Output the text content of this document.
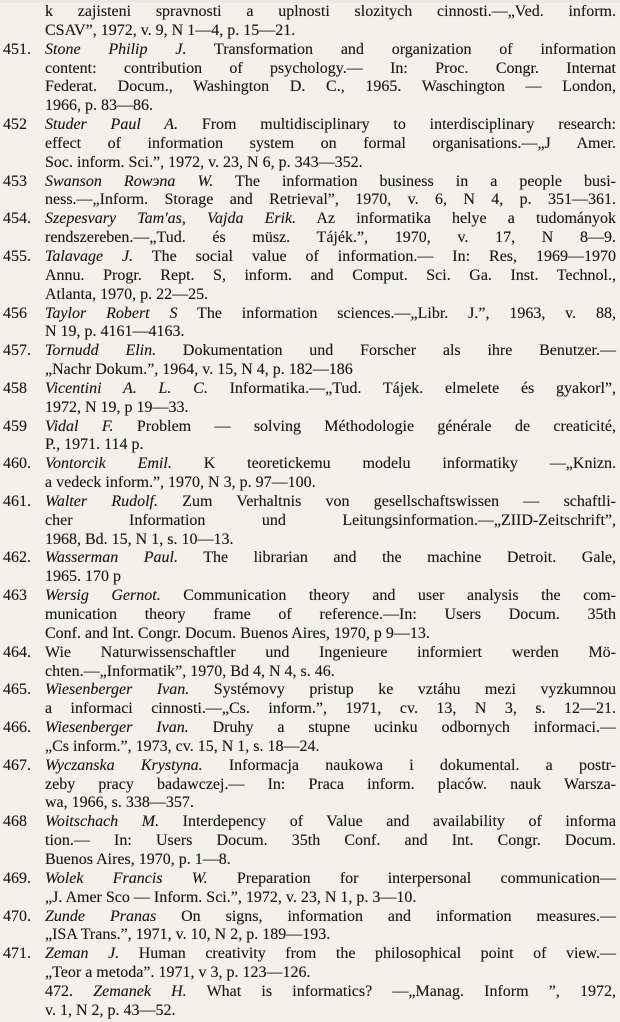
k zajisteni spravnosti a uplnosti slozitych cinnosti.—„Ved. inform.
CSAV”, 1972, v. 9, N 1—4, p. 15—21.
451. Stone Philip J. Transformation and organization of information
content: contribution of psychology.— In: Proc. Congr. Internat
Federat. Docum., Washington D. C., 1965. Waschington — London,
1966, p. 83—86.
452	Studer Paul A. From multidisciplinary to interdisciplinary research:
effect of information system on formal organisations.—„J Amer.
Soc. inform. Sci.”, 1972, v. 23, N 6, p. 343—352.
453	Swanson Rowэna W. The information business in a people busi-
ness.—„Inform. Storage and Retrieval”, 1970, v. 6, N 4, p. 351—361.
454. Szepesvary Tam'as, Vajda Erik. Az informatika helye a tudományok
rendszereben.—„Tud. és müsz. Tájék.”, 1970, v. 17, N 8—9.
455. Talavage J. The social value of information.— In: Res, 1969—1970
Annu. Progr. Rept. S, inform. and Comput. Sci. Ga. Inst. Technol.,
Atlanta, 1970, p. 22—25.
456	Taylor Robert S The information sciences.—„Libr. J.”, 1963, v. 88,
N 19, p. 4161—4163.
457. Tornudd Elin. Dokumentation und Forscher als ihre Benutzer.—
„Nachr Dokum.”, 1964, v. 15, N 4, p. 182—186
458	Vicentini A. L. C. Informatika.—„Tud. Tájek. elmelete és gyakorl”,
1972, N 19, p 19—33.
459	Vidal F. Problem — solving Méthodologie générale de creaticité,
P., 1971. 114 p.
460. Vontorcik Emil. K teoretickemu modelu informatiky —„Knizn.
a vedeck inform.”, 1970, N 3, p. 97—100.
461. Walter Rudolf. Zum Verhaltnis von gesellschaftswissen — schaftli-
cher Information und Leitungsinformation.—„ZIID-Zeitschrift”,
1968, Bd. 15, N 1, s. 10—13.
462. Wasserman Paul. The librarian and the machine Detroit. Gale,
1965. 170 p
463	Wersig Gernot. Communication theory and user analysis the com-
munication theory frame of reference.—In: Users Docum. 35th
Conf. and Int. Congr. Docum. Buenos Aires, 1970, p 9—13.
464. Wie Naturwissenschaftler und Ingenieure informiert werden Mö-
chten.—„Informatik”, 1970, Bd 4, N 4, s. 46.
465. Wiesenberger Ivan. Systémovy pristup ke vztáhu mezi vyzkumnou
a informaci cinnosti.—„Cs. inform.”, 1971, cv. 13, N 3, s. 12—21.
466. Wiesenberger Ivan. Druhy a stupne ucinku odbornych informaci.—
„Cs inform.”, 1973, cv. 15, N 1, s. 18—24.
467. Wyczanska Krystyna. Informacja naukowa i dokumental. a postr-
zeby pracy badawczej.— In: Praca inform. placów. nauk Warsza-
wa, 1966, s. 338—357.
468	Woitschach M. Interdepency of Value and availability of informa
tion.— In: Users Docum. 35th Conf. and Int. Congr. Docum.
Buenos Aires, 1970, p. 1—8.
469. Wolek Francis W. Preparation for interpersonal communication—
„J. Amer Sco — Inform. Sci.”, 1972, v. 23, N 1, p. 3—10.
470. Zunde Pranas On signs, information and information measures.—
„ISA Trans.”, 1971, v. 10, N 2, p. 189—193.
471. Zeman J. Human creativity from the philosophical point of view.—
„Teor a metoda”. 1971, v 3, p. 123—126.
472. Zemanek H. What is informatics? —„Manag. Inform ”, 1972,
v. 1, N 2, p. 43—52.
